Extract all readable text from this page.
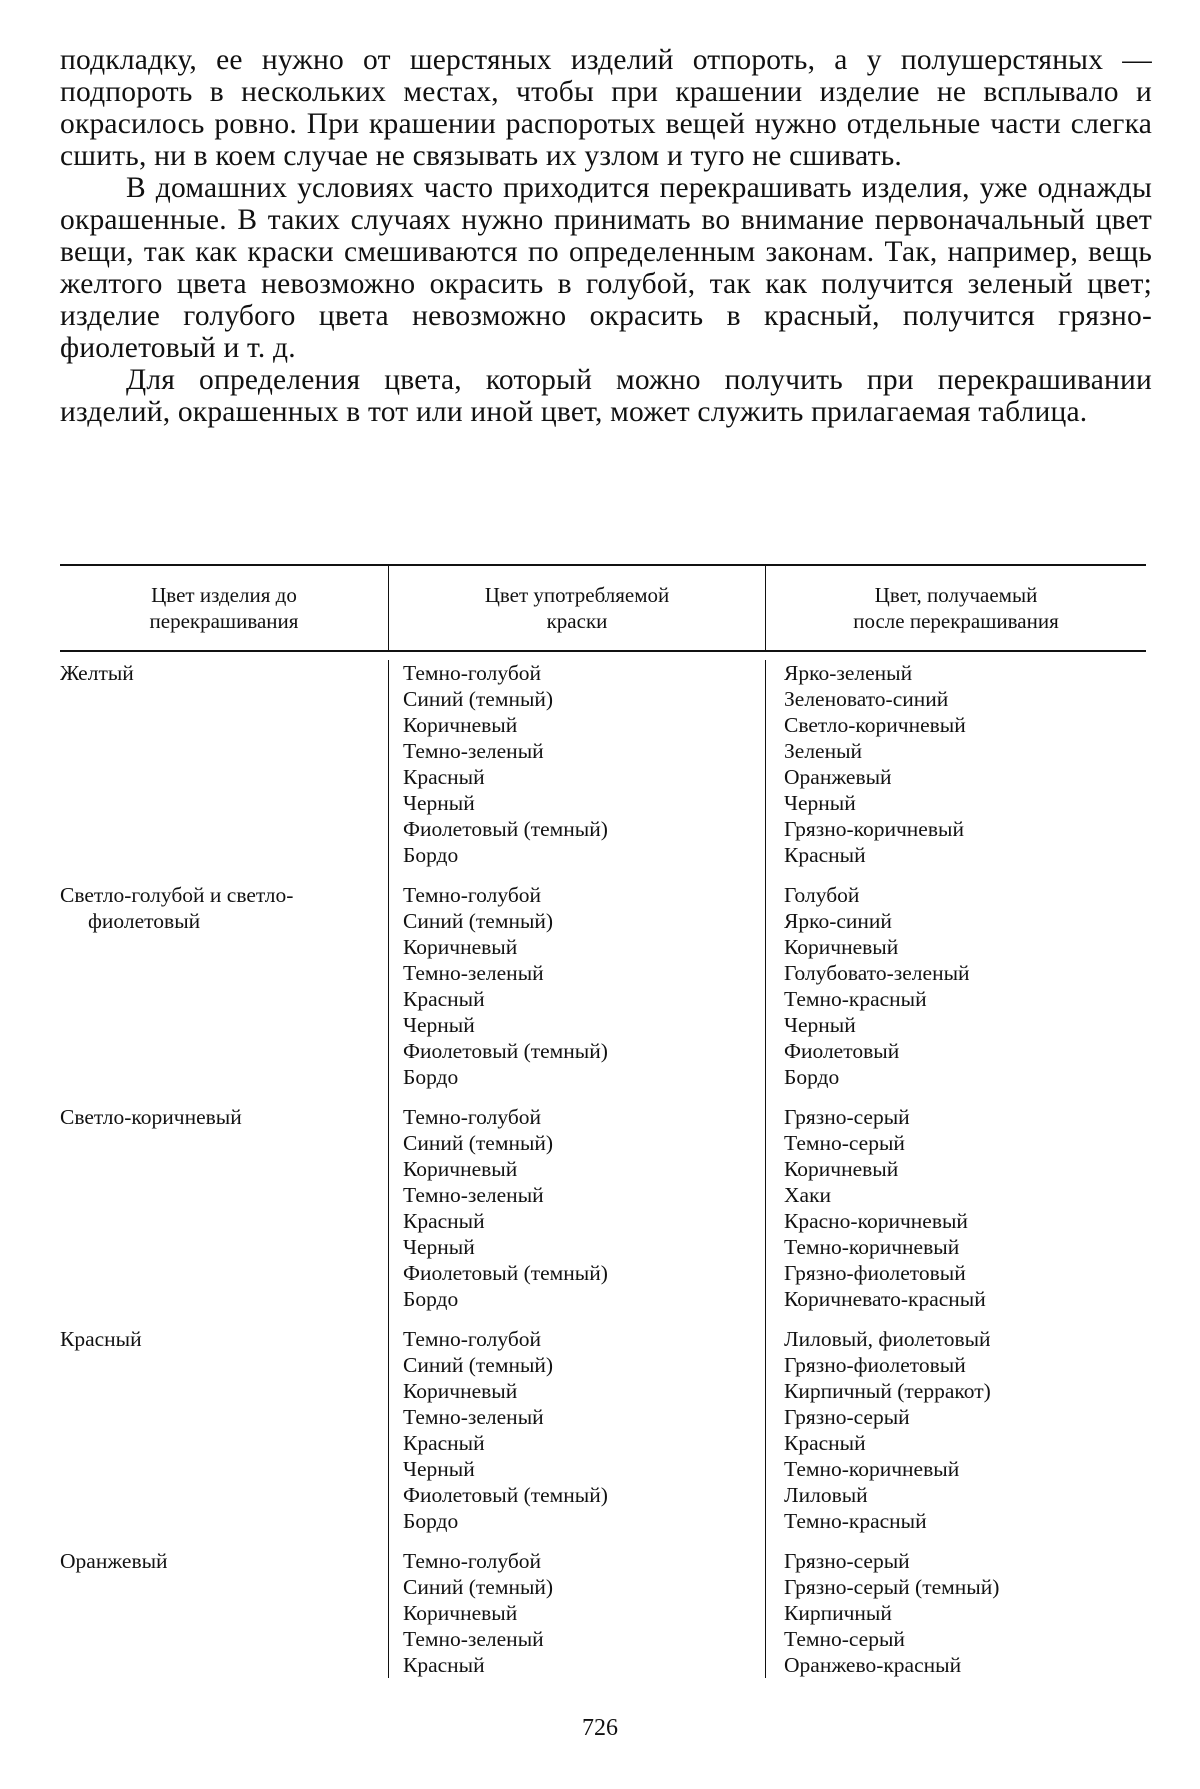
подкладку, ее нужно от шерстяных изделий отпороть, а у полушерстяных — подпороть в нескольких местах, чтобы при крашении изделие не всплывало и окрасилось ровно. При крашении распоротых вещей нужно отдельные части слегка сшить, ни в коем случае не связывать их узлом и туго не сшивать.

В домашних условиях часто приходится перекрашивать изделия, уже однажды окрашенные. В таких случаях нужно принимать во внимание первоначальный цвет вещи, так как краски смешиваются по определенным законам. Так, например, вещь желтого цвета невозможно окрасить в голубой, так как получится зеленый цвет; изделие голубого цвета невозможно окрасить в красный, получится грязно-фиолетовый и т. д.

Для определения цвета, который можно получить при перекрашивании изделий, окрашенных в тот или иной цвет, может служить прилагаемая таблица.

Цвет изделия до
перекрашивания
Цвет употребляемой
краски
Цвет, получаемый
после перекрашивания
Желтый
Светло-голубой и светло-
фиолетовый
Светло-коричневый
Красный
Оранжевый
Темно-голубой
Синий (темный)
Коричневый
Темно-зеленый
Красный
Черный
Фиолетовый (темный)
Бордо
Темно-голубой
Синий (темный)
Коричневый
Темно-зеленый
Красный
Черный
Фиолетовый (темный)
Бордо
Темно-голубой
Синий (темный)
Коричневый
Темно-зеленый
Красный
Черный
Фиолетовый (темный)
Бордо
Темно-голубой
Синий (темный)
Коричневый
Темно-зеленый
Красный
Черный
Фиолетовый (темный)
Бордо
Темно-голубой
Синий (темный)
Коричневый
Темно-зеленый
Красный
Ярко-зеленый
Зеленовато-синий
Светло-коричневый
Зеленый
Оранжевый
Черный
Грязно-коричневый
Красный
Голубой
Ярко-синий
Коричневый
Голубовато-зеленый
Темно-красный
Черный
Фиолетовый
Бордо
Грязно-серый
Темно-серый
Коричневый
Хаки
Красно-коричневый
Темно-коричневый
Грязно-фиолетовый
Коричневато-красный
Лиловый, фиолетовый
Грязно-фиолетовый
Кирпичный (терракот)
Грязно-серый
Красный
Темно-коричневый
Лиловый
Темно-красный
Грязно-серый
Грязно-серый (темный)
Кирпичный
Темно-серый
Оранжево-красный
726
